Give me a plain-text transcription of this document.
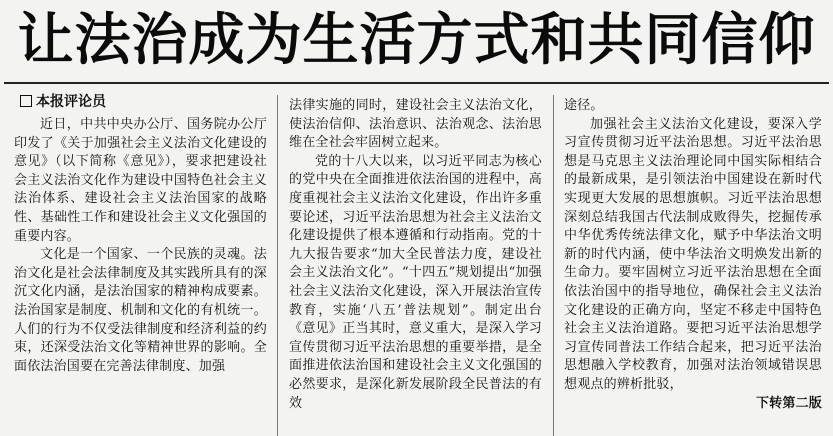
让法治成为生活方式和共同信仰
本报评论员

近日，中共中央办公厅、国务院办公厅印发了《关于加强社会主义法治文化建设的意见》（以下简称《意见》），要求把建设社会主义法治文化作为建设中国特色社会主义法治体系、建设社会主义法治国家的战略性、基础性工作和建设社会主义文化强国的重要内容。

文化是一个国家、一个民族的灵魂。法治文化是社会法律制度及其实践所具有的深沉文化内涵，是法治国家的精神构成要素。法治国家是制度、机制和文化的有机统一。人们的行为不仅受法律制度和经济利益的约束，还深受法治文化等精神世界的影响。全面依法治国要在完善法律制度、加强

法律实施的同时，建设社会主义法治文化，使法治信仰、法治意识、法治观念、法治思维在全社会牢固树立起来。

党的十八大以来，以习近平同志为核心的党中央在全面推进依法治国的进程中，高度重视社会主义法治文化建设，作出许多重要论述，习近平法治思想为社会主义法治文化建设提供了根本遵循和行动指南。党的十九大报告要求“加大全民普法力度，建设社会主义法治文化”。“十四五”规划提出“加强社会主义法治文化建设，深入开展法治宣传教育，实施‘八五’普法规划”。制定出台《意见》正当其时，意义重大，是深入学习宣传贯彻习近平法治思想的重要举措，是全面推进依法治国和建设社会主义文化强国的必然要求，是深化新发展阶段全民普法的有效

途径。

加强社会主义法治文化建设，要深入学习宣传贯彻习近平法治思想。习近平法治思想是马克思主义法治理论同中国实际相结合的最新成果，是引领法治中国建设在新时代实现更大发展的思想旗帜。习近平法治思想深刻总结我国古代法制成败得失，挖掘传承中华优秀传统法律文化，赋予中华法治文明新的时代内涵，使中华法治文明焕发出新的生命力。要牢固树立习近平法治思想在全面依法治国中的指导地位，确保社会主义法治文化建设的正确方向，坚定不移走中国特色社会主义法治道路。要把习近平法治思想学习宣传同普法工作结合起来，把习近平法治思想融入学校教育，加强对法治领域错误思想观点的辨析批驳，

下转第二版
